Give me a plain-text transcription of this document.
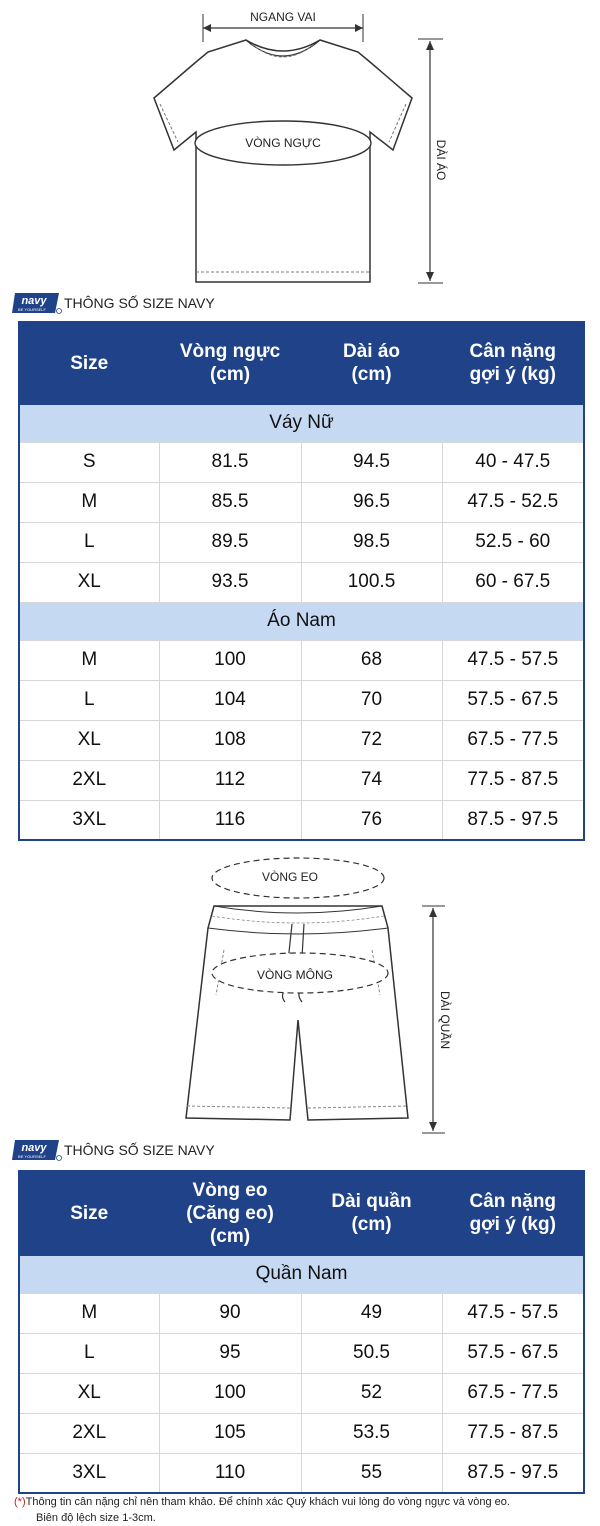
NGANG VAI
VÒNG NGỰC	DÀI ÁO
navy
BE YOURSELF THÔNG SỐ SIZE NAVY
Size	Vòng ngực (cm)	Dài áo (cm)	Cân nặng gợi ý (kg)
Váy Nữ			
S	81.5	94.5	40 - 47.5
M	85.5	96.5	47.5 - 52.5
L	89.5	98.5	52.5 - 60
XL	93.5	100.5	60 - 67.5
Áo Nam			
M	100	68	47.5 - 57.5
L	104	70	57.5 - 67.5
XL	108	72	67.5 - 77.5
2XL	112	74	77.5 - 87.5
3XL	116	76	87.5 - 97.5
VÒNG EO
VÒNG MÔNG
DÀI QUẦN
navy
BE YOURSELF THÔNG SỐ SIZE NAVY
Size	Vòng eo (Căng eo) (cm)	Dài quần (cm)	Cân nặng gợi ý (kg)
Quần Nam			
M	90	49	47.5 - 57.5
L	95	50.5	57.5 - 67.5
XL	100	52	67.5 - 77.5
2XL	105	53.5	77.5 - 87.5
3XL	110	55	87.5 - 97.5
(*)Thông tin cân nặng chỉ nên tham khảo. Để chính xác Quý khách vui lòng đo vòng ngực và vòng eo.
Biên độ lệch size 1-3cm.
